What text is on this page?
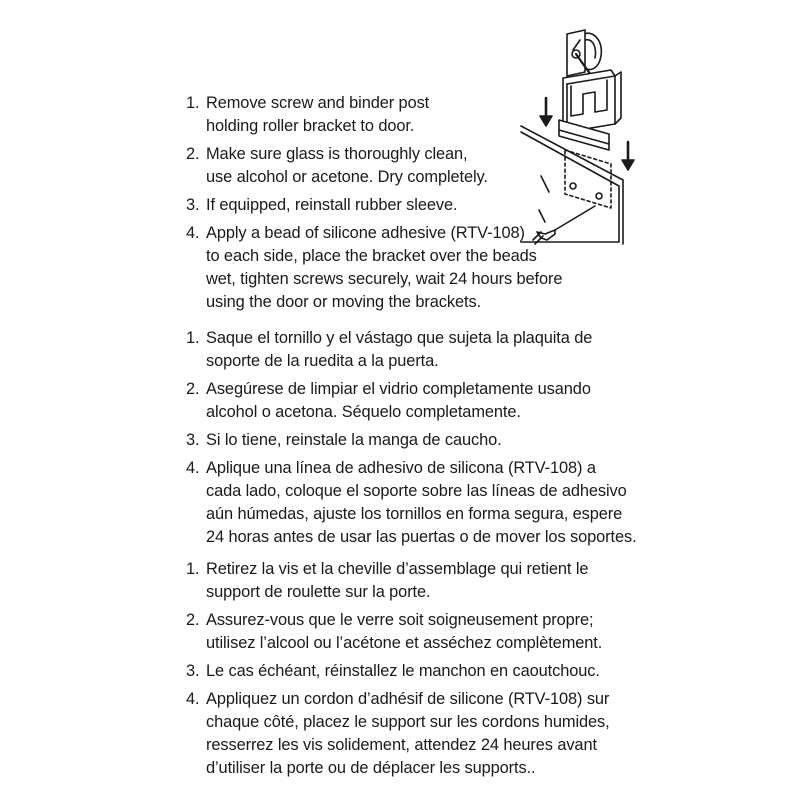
1. Remove screw and binder post
holding roller bracket to door.
2. Make sure glass is thoroughly clean,
use alcohol or acetone. Dry completely.
3. If equipped, reinstall rubber sleeve.
4. Apply a bead of silicone adhesive (RTV-108)
to each side, place the bracket over the beads
wet, tighten screws securely, wait 24 hours before
using the door or moving the brackets.
1. Saque el tornillo y el vástago que sujeta la plaquita de
soporte de la ruedita a la puerta.
2. Asegúrese de limpiar el vidrio completamente usando
alcohol o acetona. Séquelo completamente.
3. Si lo tiene, reinstale la manga de caucho.
4. Aplique una línea de adhesivo de silicona (RTV-108) a
cada lado, coloque el soporte sobre las líneas de adhesivo
aún húmedas, ajuste los tornillos en forma segura, espere
24 horas antes de usar las puertas o de mover los soportes.
1. Retirez la vis et la cheville d’assemblage qui retient le
support de roulette sur la porte.
2. Assurez-vous que le verre soit soigneusement propre;
utilisez l’alcool ou l’acétone et asséchez complètement.
3. Le cas échéant, réinstallez le manchon en caoutchouc.
4. Appliquez un cordon d’adhésif de silicone (RTV-108) sur
chaque côté, placez le support sur les cordons humides,
resserrez les vis solidement, attendez 24 heures avant
d’utiliser la porte ou de déplacer les supports..
